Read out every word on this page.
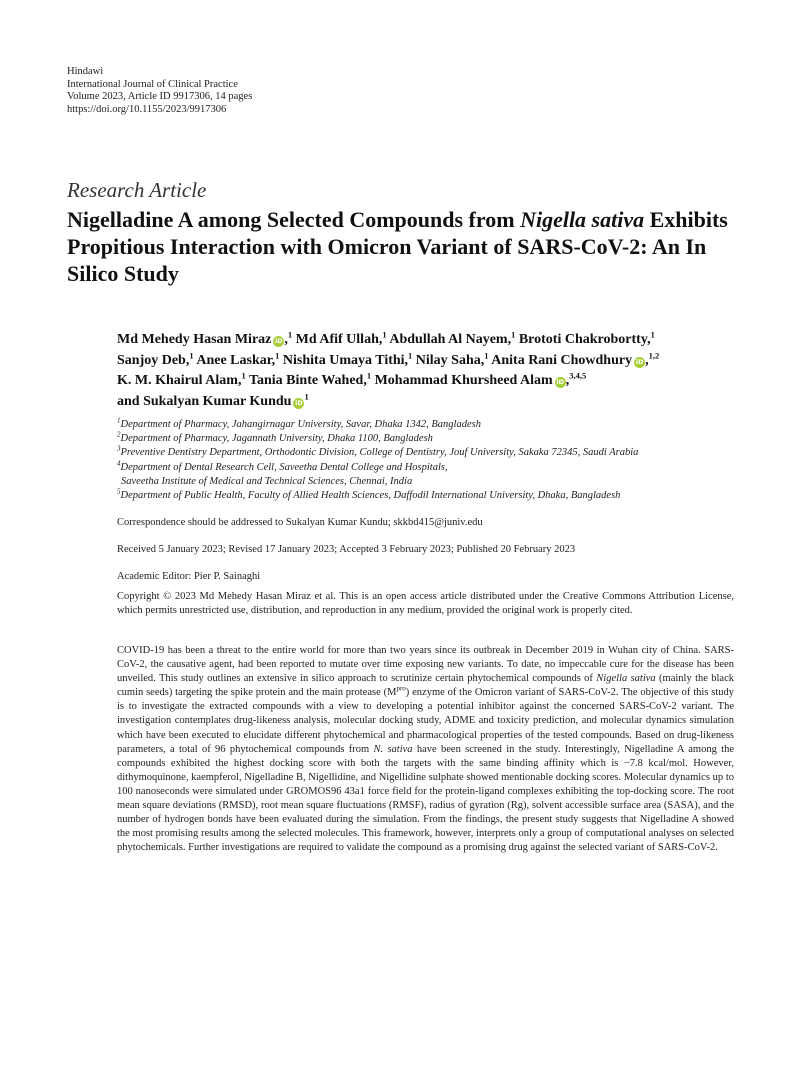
Hindawi
International Journal of Clinical Practice
Volume 2023, Article ID 9917306, 14 pages
https://doi.org/10.1155/2023/9917306
Research Article
Nigelladine A among Selected Compounds from Nigella sativa Exhibits Propitious Interaction with Omicron Variant of SARS-CoV-2: An In Silico Study
Md Mehedy Hasan Miraz iD ,$^1$ Md Afif Ullah,$^1$ Abdullah Al Nayem,$^1$ Brototi Chakrobortty,$^1$
Sanjoy Deb,$^1$ Anee Laskar,$^1$ Nishita Umaya Tithi,$^1$ Nilay Saha,$^1$ Anita Rani Chowdhury iD ,$^{1,2}$
K. M. Khairul Alam,$^1$ Tania Binte Wahed,$^1$ Mohammad Khursheed Alam iD ,$^{3,4,5}$
and Sukalyan Kumar Kundu $iD^1$
$^1$Department of Pharmacy, Jahangirnagar University, Savar, Dhaka 1342, Bangladesh
$^2$Department of Pharmacy, Jagannath University, Dhaka 1100, Bangladesh
$^3$Preventive Dentistry Department, Orthodontic Division, College of Dentistry, Jouf University, Sakaka 72345, Saudi Arabia
$^4$Department of Dental Research Cell, Saveetha Dental College and Hospitals,
Saveetha Institute of Medical and Technical Sciences, Chennai, India
$^5$Department of Public Health, Faculty of Allied Health Sciences, Daffodil International University, Dhaka, Bangladesh
Correspondence should be addressed to Sukalyan Kumar Kundu; skkbd415@juniv.edu
Received 5 January 2023; Revised 17 January 2023; Accepted 3 February 2023; Published 20 February 2023
Academic Editor: Pier P. Sainaghi
Copyright © 2023 Md Mehedy Hasan Miraz et al. This is an open access article distributed under the Creative Commons Attribution License, which permits unrestricted use, distribution, and reproduction in any medium, provided the original work is properly cited.
COVID-19 has been a threat to the entire world for more than two years since its outbreak in December 2019 in Wuhan city of China. SARS-CoV-2, the causative agent, had been reported to mutate over time exposing new variants. To date, no impeccable cure for the disease has been unveiled. This study outlines an extensive in silico approach to scrutinize certain phytochemical compounds of Nigella sativa (mainly the black cumin seeds) targeting the spike protein and the main protease $(M^{pro})$ enzyme of the Omicron variant of SARS-CoV-2. The objective of this study is to investigate the extracted compounds with a view to developing a potential inhibitor against the concerned SARS-CoV-2 variant. The investigation contemplates drug-likeness analysis, molecular docking study, ADME and toxicity prediction, and molecular dynamics simulation which have been executed to elucidate different phytochemical and pharmacological properties of the tested compounds. Based on drug-likeness parameters, a total of 96 phytochemical compounds from N. sativa have been screened in the study. Interestingly, Nigelladine A among the compounds exhibited the highest docking score with both the targets with the same binding affinity which is −7.8 kcal/mol. However, dithymoquinone, kaempferol, Nigelladine B, Nigellidine, and Nigellidine sulphate showed mentionable docking scores. Molecular dynamics up to 100 nanoseconds were simulated under GROMOS96 43a1 force field for the protein-ligand complexes exhibiting the top-docking score. The root mean square deviations (RMSD), root mean square fluctuations (RMSF), radius of gyration (Rg), solvent accessible surface area (SASA), and the number of hydrogen bonds have been evaluated during the simulation. From the findings, the present study suggests that Nigelladine A showed the most promising results among the selected molecules. This framework, however, interprets only a group of computational analyses on selected phytochemicals. Further investigations are required to validate the compound as a promising drug against the selected variant of SARS-CoV-2.
